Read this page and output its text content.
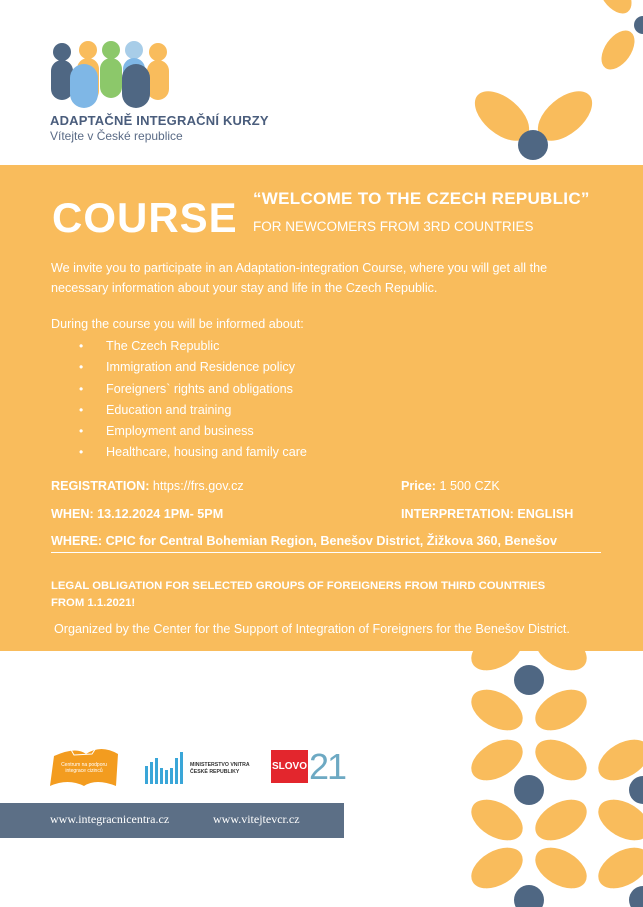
ADAPTAČNĚ INTEGRAČNÍ KURZY
Vítejte v České republice
COURSE “WELCOME TO THE CZECH REPUBLIC”
FOR NEWCOMERS FROM 3RD COUNTRIES
We invite you to participate in an Adaptation-integration Course, where you will get all the
necessary information about your stay and life in the Czech Republic.
During the course you will be informed about:
• The Czech Republic
• Immigration and Residence policy
• Foreigners` rights and obligations
• Education and training
• Employment and business
• Healthcare, housing and family care
REGISTRATION: https://frs.gov.cz	Price: 1 500 CZK
WHEN: 13.12.2024 1PM- 5PM	INTERPRETATION: ENGLISH
WHERE: CPIC for Central Bohemian Region, Benešov District, Žižkova 360, Benešov
LEGAL OBLIGATION FOR SELECTED GROUPS OF FOREIGNERS FROM THIRD COUNTRIES
FROM 1.1.2021!
Organized by the Center for the Support of Integration of Foreigners for the Benešov District.
Centrum na podporu integrace cizinců
MINISTERSTVO VNITRA
ČESKÉ REPUBLIKY	SLOVO 21
www.integracnicentra.cz	www.vitejtevcr.cz
